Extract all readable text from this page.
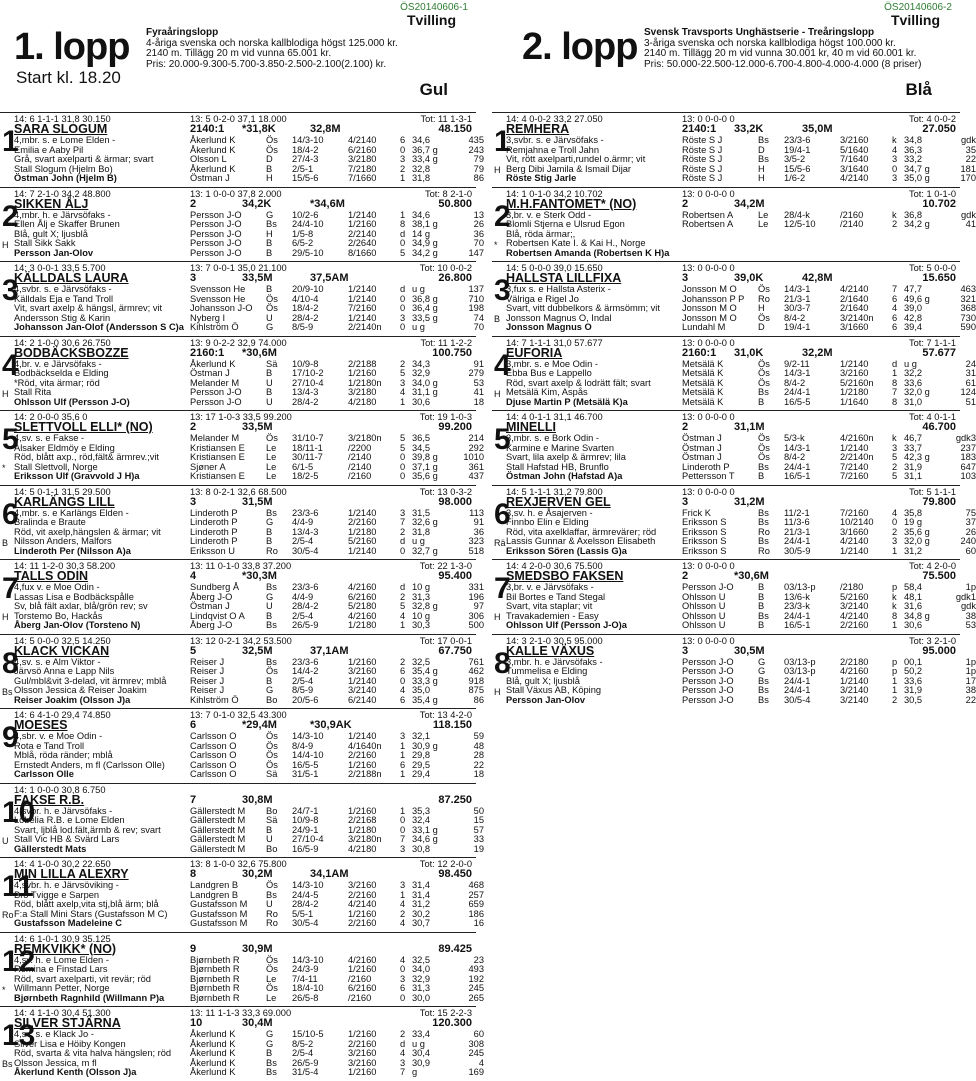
1. lopp
Start kl. 18.20
Fyraåringslopp
4-åriga svenska och norska kallblodiga högst 125.000 kr.
2140 m. Tillägg 20 m vid vunna 65.001 kr.
Pris: 20.000-9.300-5.700-3.850-2.500-2.100(2.100) kr.
ÖS20140606-1
Tvilling
Gul
1
14: 6 1-1-1 31,8 30.150	13: 5 0-2-0 37,1 18.000	Tot: 11 1-3-1
SARA SLOGUM	2140:1 *31,8K	32,8M	48.150
4,mbr. s. e Lome Elden -
Emilia e Aaby Pil
Grå, svart axelparti & ärmar; svart
Stall Slogum (Hjelm Bo)
Östman John (Hjelm B)
Åkerlund K	Ös 14/3-10	4/2140	6 34,6	435
Åkerlund K	Ös 18/4-2	6/2160	0 36,7 g	243
Olsson L	D 27/4-3	3/2180	3 33,4 g	79
Åkerlund K	B 2/5-1	7/2180	2 32,8	79
Östman J	H 15/5-6	7/1660	1 31,8	86
2
H
14: 7 2-1-0 34,2 48.800	13: 1 0-0-0 37,8 2.000	Tot: 8 2-1-0
SIKKEN ÅLJ	2	34,2K	*34,6M	50.800
4,mbr. h. e Järvsöfaks -
Ellen Ålj e Skaffer Brunen
Blå, gult X; ljusblå
Stall Sikk Sakk
Persson Jan-Olov
Persson J-O	G 10/2-6	1/2140	1 34,6	13
Persson J-O	Bs 24/4-10	1/2160	8 38,1 g	26
Persson J-O	H 1/5-8	2/2140	d 14 g	36
Persson J-O	B 6/5-2	2/2640	0 34,9 g	70
Persson J-O	B 29/5-10	8/1660	5 34,2 g	147
3
14: 3 0-0-1 33,5 5.700	13: 7 0-0-1 35,0 21.100	Tot: 10 0-0-2
KÄLLDALS LAURA	3	33,5M	37,5AM	26.800
4,svbr. s. e Järvsöfaks -
Källdals Eja e Tand Troll
Vit, svart axelp & hängsl, ärmrev; vit
Andersson Stig & Karin
Johansson Jan-Olof (Andersson S C)a
Svensson He B 20/9-10	1/2140	d u g	137
Svensson He Ös 4/10-4	1/2140	0 36,8 g	710
Johansson J-O Ös 18/4-2	7/2160	0 36,4 g	198
Nyberg I	U 28/4-2	1/2140	3 33,5 g	74
Kihlström Ö	G 8/5-9	2/2140n 0 u g	70
4
H
14: 2 1-0-0 30,6 26.750	13: 9 0-2-2 32,9 74.000	Tot: 11 1-2-2
BODBÄCKSBOZZE	2160:1 *30,6M	100.750
4,br. v. e Järvsöfaks -
Bodbäckselda e Elding
*Röd, vita ärmar; röd
Stall Rita
Ohlsson Ulf (Persson J-O)
Åkerlund K	Sä 10/9-8	2/2188	2 34,3	91
Östman J	B 17/10-2	1/2160	5 32,9	279
Melander M	U 27/10-4	1/2180n 3 34,0 g	53
Persson J-O	B 13/4-3	3/2180	4 31,1 g	41
Persson J-O	U 28/4-2	4/2180	1 30,6	18
5
*
14: 2 0-0-0 35,6 0	13: 17 1-0-3 33,5 99.200	Tot: 19 1-0-3
SLETTVOLL ELLI* (NO)	2	33,5M	99.200
4,sv. s. e Fakse -
Alsaker Eldmöy e Elding
Röd, blått axp., röd,fält& ärmrev.;vit
Stall Slettvoll, Norge
Eriksson Ulf (Gravvold J H)a
Melander M	Ös 31/10-7	3/2180n 5 36,5	214
Kristiansen E Le 18/11-1	/2200	5 34,5	292
Kristiansen E Le 30/11-7	/2140	0 39,8 g	1010
Sjøner A	Le 6/1-5	/2140	0 37,1 g	361
Kristiansen E Le 18/2-5	/2160	0 35,6 g	437
6
B
14: 5 0-1-1 31,5 29.500	13: 8 0-2-1 32,6 68.500	Tot: 13 0-3-2
KARLÄNGS LILL	3	31,5M	98.000
4,mbr. s. e Karlängs Elden -
Bralinda e Braute
Röd, vit axelp,hängslen & ärmar; vit
Nilsson Anders, Malfors
Linderoth Per (Nilsson A)a
Linderoth P	Bs 23/3-6	1/2140	3 31,5	113
Linderoth P	G 4/4-9	2/2160	7 32,6 g	91
Linderoth P	B 13/4-3	1/2180	2 31,8	36
Linderoth P	B 2/5-4	5/2160	d u g	323
Eriksson U	Ro 30/5-4	1/2140	0 32,7 g	518
7
H
14: 11 1-2-0 30,3 58.200	13: 11 0-1-0 33,8 37.200	Tot: 22 1-3-0
TALLS ODIN	4	*30,3M	95.400
4,fux v. e Moe Odin -
Lassas Lisa e Bodbäckspålle
Sv, blå fält axlar, blå/grön rev; sv
Torstemo Bo, Hackås
Åberg Jan-Olov (Torsteno N)
Sundberg Å	Bs 23/3-6	4/2160	d 10 g	331
Åberg J-O	G 4/4-9	6/2160	2 31,3	196
Östman J	U 28/4-2	5/2180	5 32,8 g	97
Lindqvist O A B 2/5-4	4/2160	4 10 g	306
Åberg J-O	Bs 26/5-9	1/2180	1 30,3	500
8
Bs
14: 5 0-0-0 32,5 14.250	13: 12 0-2-1 34,2 53.500	Tot: 17 0-0-1
KLACK VICKAN	5	32,5M	37,1AM	67.750
4,sv. s. e Alm Viktor -
Järvsö Anna e Lapp Nils
Gul/mbl&vit 3-delad, vit ärmrev; mblå
Olsson Jessica & Reiser Joakim
Reiser Joakim (Olsson J)a
Reiser J	Bs 23/3-6	1/2160	2 32,5	761
Reiser J	Ös 14/4-2	3/2160	6 35,4 g	462
Reiser J	B 2/5-4	1/2140	0 33,3 g	918
Reiser J	G 8/5-9	3/2140	4 35,0	875
Kihlström Ö	Bo 20/5-6	6/2140	6 35,4 g	86
9
14: 6 4-1-0 29,4 74.850	13: 7 0-1-0 32,5 43.300	Tot: 13 4-2-0
MOESES	6	*29,4M	*30,9AK	118.150
4,sbr. v. e Moe Odin -
Rota e Tand Troll
Mblå, röda ränder; mblå
Ernstedt Anders, m fl (Carlsson Olle)
Carlsson Olle
Carlsson O	Ös 14/3-10	1/2140	3 32,1	59
Carlsson O	Ös 8/4-9	4/1640n 1 30,9 g	48
Carlsson O	Ös 14/4-10	2/2160	1 29,8	28
Carlsson O	Ös 16/5-5	1/2160	6 29,5	22
Carlsson O	Sä 31/5-1	2/2188n 1 29,4	18
10
U
14: 1 0-0-0 30,8 6.750
FAKSE R.B.	7	30,8M	87.250
4,svbr. h. e Järvsöfaks -
Lobelia R.B. e Lome Elden
Svart, ljblå lod.fält,ärmb & rev; svart
Stall Vic HB & Svärd Lars
Gällerstedt Mats
Gällerstedt M Bo 24/7-1	1/2160	1 35,3	50
Gällerstedt M Sä 10/9-8	2/2168	0 32,4	15
Gällerstedt M B 24/9-1	1/2180	0 33,1 g	57
Gällerstedt M U 27/10-4	3/2180n 7 34,6 g	33
Gällerstedt M Bo 16/5-9	4/2180	3 30,8	19
11
Ro
14: 4 1-0-0 30,2 22.650	13: 8 1-0-0 32,6 75.800	Tot: 12 2-0-0
MIN LILLA ALEXRY	8	30,2M	34,1AM	98.450
4,svbr. h. e Järvsöviking -
Bro Tvigge e Sarpen
Röd, blått axelp,vita stj,blå ärm; blå
F:a Stall Mini Stars (Gustafsson M C)
Gustafsson Madeleine C
Landgren B	Ös 14/3-10	3/2160	3 31,4	468
Landgren B	Bs 24/4-5	2/2160	1 31,4	257
Gustafsson M U 28/4-2	4/2140	4 31,2	659
Gustafsson M Ro 5/5-1	1/2160	2 30,2	186
Gustafsson M Ro 30/5-4	2/2160	4 30,7	16
12
*
14: 6 1-0-1 30,9 35.125
REMKVIKK* (NO)	9	30,9M	89.425
4,sv. h. e Lome Elden -
Remina e Finstad Lars
Röd, svart axelparti, vit revär; röd
Willmann Petter, Norge
Bjørnbeth Ragnhild (Willmann P)a
Bjørnbeth R	Ös 14/3-10	4/2160	4 32,5	23
Bjørnbeth R	Ös 24/3-9	1/2160	0 34,0	493
Bjørnbeth R	Le 7/4-11	/2160	3 32,9	192
Bjørnbeth R	Ös 18/4-10	6/2160	6 31,3	245
Bjørnbeth R	Le 26/5-8	/2160	0 30,0	265
13
Bs
14: 4 1-1-0 30,4 51.300	13: 11 1-1-3 33,3 69.000	Tot: 15 2-2-3
SILVER STJÄRNA	10	30,4M	120.300
4,sv. s. e Klack Jo -
Silver Lisa e Höiby Kongen
Röd, svarta & vita halva hängslen; röd
Olsson Jessica, m fl
Åkerlund Kenth (Olsson J)a
Åkerlund K	G 15/10-5	1/2160	2 33,4	60
Åkerlund K	G 8/5-2	2/2160	d u g	308
Åkerlund K	B 2/5-4	3/2160	4 30,4	245
Åkerlund K	Bs 26/5-9	3/2160	3 30,9	4
Åkerlund K	Bs 31/5-4	1/2160	7 g	169
2. lopp Svensk Travsports Unghästserie - Treåringslopp
3-åriga svenska och norska kallblodiga högst 100.000 kr.
2140 m. Tillägg 20 m vid vunna 30.001 kr, 40 m vid 60.001 kr.
Pris: 50.000-22.500-12.000-6.700-4.800-4.000-4.000 (8 priser)
ÖS20140606-2
Tvilling
Blå
1
H
14: 4 0-0-2 33,2 27.050	13: 0 0-0-0 0	Tot: 4 0-0-2
REMHERA	2140:1 33,2K	35,0M	27.050
3,svbr. s. e Järvsöfaks -
Remjahna e Troll Jahn
Vit, rött axelparti,rundel o.ärmr; vit
Berg Dibi Jamila & Ismail Dijar
Röste Stig Jarle
Röste S J	Bs 23/3-6	3/2160	k 34,8	gdk
Röste S J	D 19/4-1	5/1640	4 36,3	35
Röste S J	Bs 3/5-2	7/1640	3 33,2	22
Röste S J	H 15/5-6	3/1640	0 34,7 g	181
Röste S J	H 1/6-2	4/2140	3 35,0 g	170
2
*
14: 1 0-1-0 34,2 10.702	13: 0 0-0-0 0	Tot: 1 0-1-0
M.H.FANTOMET* (NO)	2	34,2M	10.702
3,br. v. e Sterk Odd -
Blomli Stjerna e Ulsrud Egon
Blå, röda ärmar;,
Robertsen Kate I. & Kai H., Norge
Robertsen Amanda (Robertsen K H)a
Robertsen A	Le 28/4-k	/2160	k 36,8	gdk
Robertsen A	Le 12/5-10	/2140	2 34,2 g	41
3
B
14: 5 0-0-0 39,0 15.650	13: 0 0-0-0 0	Tot: 5 0-0-0
HALLSTA LILLFIXA	3	39,0K	42,8M	15.650
3,fux s. e Hallsta Asterix -
Välriga e Rigel Jo
Svart, vitt dubbelkors & ärmsömm; vit
Jonsson Magnus O, Indal
Jonsson Magnus O
Jonsson M O Ös 14/3-1	4/2140	7 47,7	463
Johansson P P Ro 21/3-1	2/1640	6 49,6 g	321
Jonsson M O H 30/3-7	2/1640	4 39,0	368
Jonsson M O Ös 8/4-2	3/2140n 6 42,8	730
Lundahl M	D 19/4-1	3/1660	6 39,4	590
4
H
14: 7 1-1-1 31,0 57.677	13: 0 0-0-0 0	Tot: 7 1-1-1
EUFORIA	2160:1 31,0K	32,2M	57.677
3,mbr. s. e Moe Odin -
Ebba Bus e Lappello
Röd, svart axelp & lodrätt fält; svart
Metsälä Kim, Aspås
Djuse Martin P (Metsälä K)a
Metsälä K	Ös 9/2-11	1/2140	d u g	24
Metsälä K	Ös 14/3-1	3/2160	1 32,2	31
Metsälä K	Ös 8/4-2	5/2160n 8 33,6	61
Metsälä K	Bs 24/4-1	1/2180	7 32,0 g	124
Metsälä K	B 16/5-5	1/1640	8 31,0	51
5
14: 4 0-1-1 31,1 46.700	13: 0 0-0-0 0	Tot: 4 0-1-1
MINELLI	2	31,1M	46.700
3,mbr. s. e Bork Odin -
Karmine e Marine Svarten
Svart, lila axelp & ärmrev; lila
Stall Hafstad HB, Brunflo
Östman John (Hafstad A)a
Östman J	Ös 5/3-k	4/2160n k 46,7	gdk3
Östman J	Ös 14/3-1	1/2140	3 33,7	237
Östman J	Ös 8/4-2	2/2140n 5 42,3 g	183
Linderoth P	Bs 24/4-1	7/2140	2 31,9	647
Pettersson T	B 16/5-1	7/2160	5 31,1	103
6
Rä
14: 5 1-1-1 31,2 79.800	13: 0 0-0-0 0	Tot: 5 1-1-1
REXJERVEN GEL	3	31,2M	79.800
3,sv. h. e Åsajerven -
Finnbo Elin e Elding
Röd, vita axelklaffar, ärmrevärer; röd
Lassis Gunnar & Axelsson Elisabeth
Eriksson Sören (Lassis G)a
Frick K	Bs 11/2-1	7/2160	4 35,8	75
Eriksson S	Bs 11/3-6	10/2140 0 19 g	37
Eriksson S	Ro 21/3-1	3/1660	2 35,6 g	26
Eriksson S	Bs 24/4-1	4/2140	3 32,0 g	240
Eriksson S	Ro 30/5-9	1/2140	1 31,2	60
7
H
14: 4 2-0-0 30,6 75.500	13: 0 0-0-0 0	Tot: 4 2-0-0
SMEDSBO FAKSEN	2	*30,6M	75.500
3,br. v. e Järvsöfaks -
Bil Bortes e Tand Stegal
Svart, vita staplar; vit
Travakademien - Easy
Ohlsson Ulf (Persson J-O)a
Persson J-O	B 03/13-p	/2180	p 58,4	1p
Ohlsson U	B 13/6-k	5/2160	k 48,1	gdk1
Ohlsson U	B 23/3-k	3/2140	k 31,6	gdk
Ohlsson U	Bs 24/4-1	4/2140	8 34,8 g	38
Ohlsson U	B 16/5-1	2/2160	1 30,6	53
8
H
14: 3 2-1-0 30,5 95.000	13: 0 0-0-0 0	Tot: 3 2-1-0
KALLE VÄXUS	3	30,5M	95.000
3,mbr. h. e Järvsöfaks -
Tummelisa e Elding
Blå, gult X; ljusblå
Stall Växus AB, Köping
Persson Jan-Olov
Persson J-O	G 03/13-p	2/2180	p 00,1	1p
Persson J-O	G 03/13-p	4/2160	p 50,2	1p
Persson J-O	Bs 24/4-1	1/2140	1 33,6	17
Persson J-O	Bs 24/4-1	3/2140	1 31,9	38
Persson J-O	Bs 30/5-4	3/2140	2 30,5	22
